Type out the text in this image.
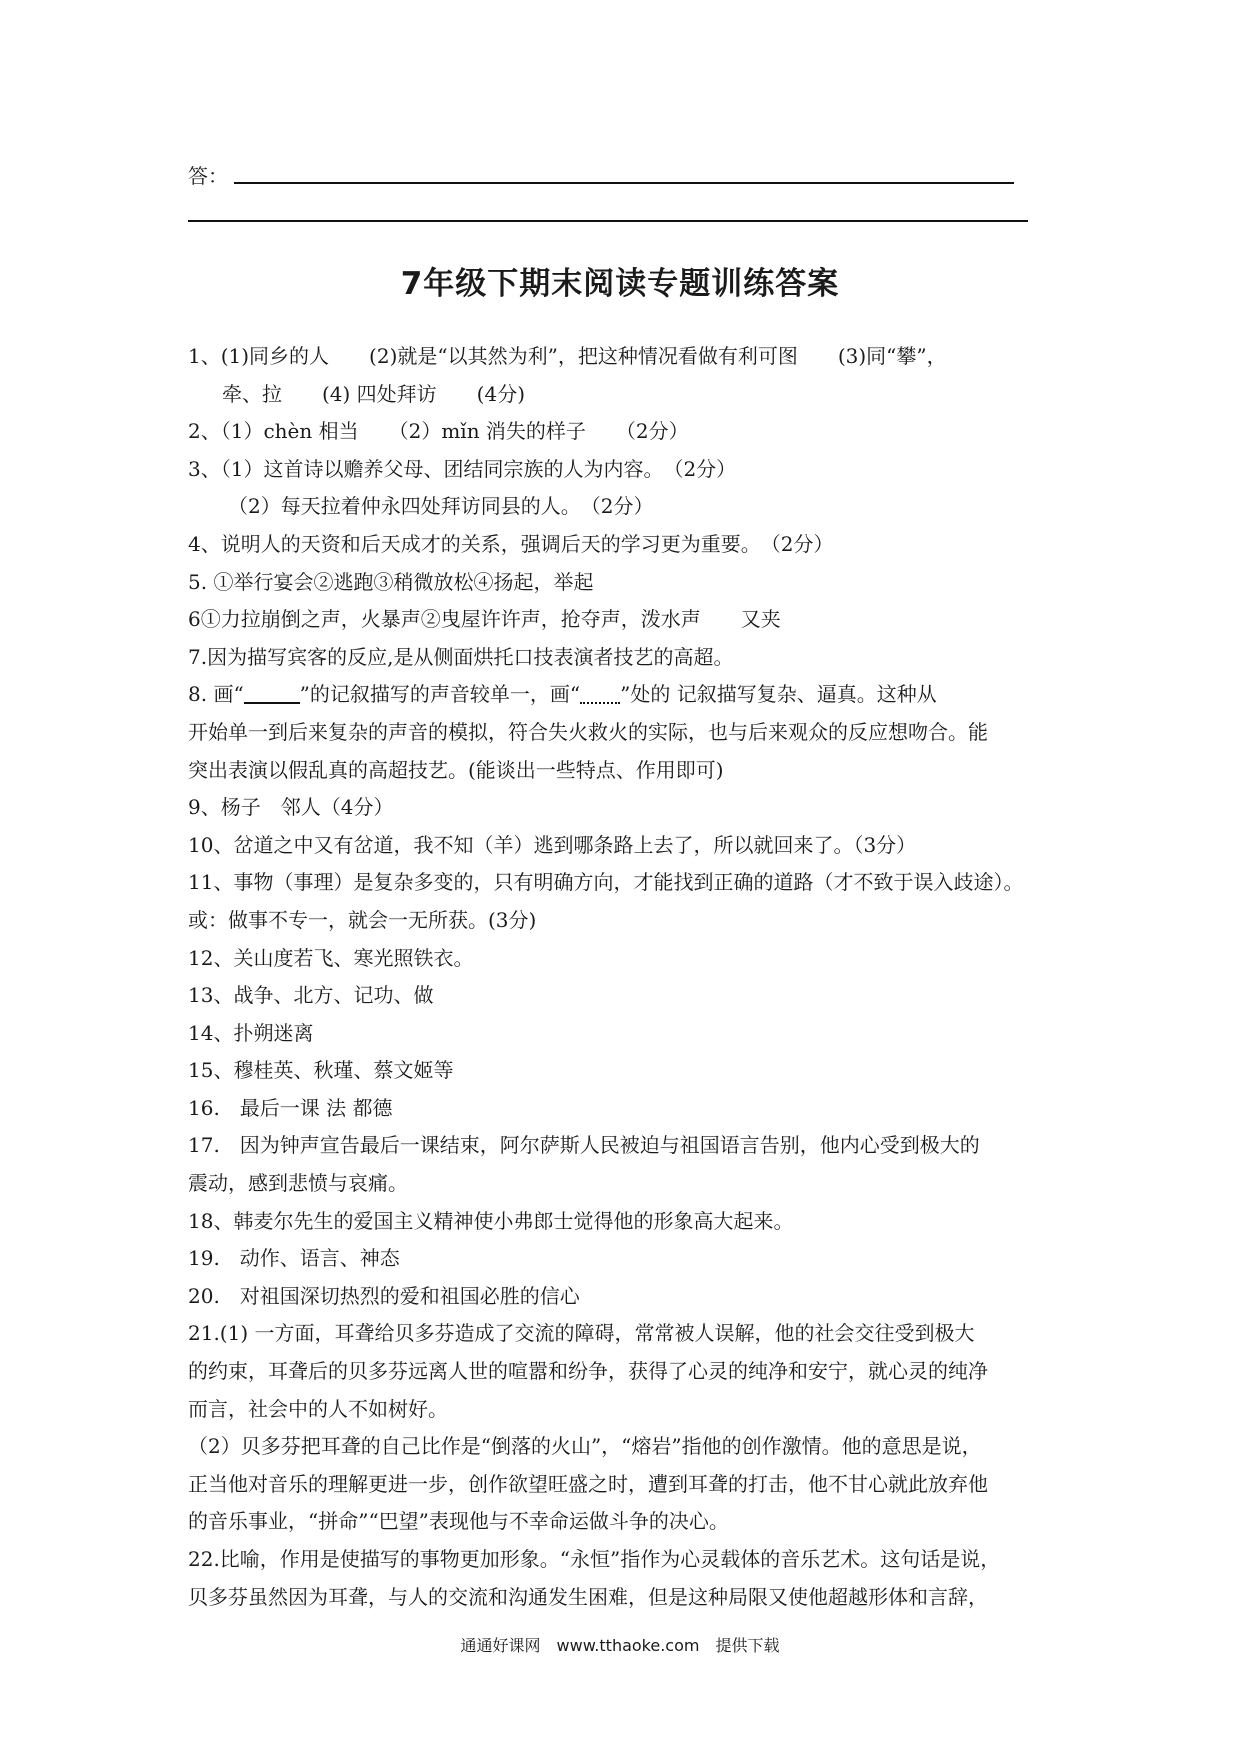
答：
7年级下期末阅读专题训练答案
1、(1)同乡的人　　(2)就是“以其然为利”，把这种情况看做有利可图　　(3)同“攀”，
牵、拉　　(4) 四处拜访　　(4分)
2、（1）chèn 相当　　（2）mǐn 消失的样子　　（2分）
3、（1）这首诗以赡养父母、团结同宗族的人为内容。　（2分）
（2）每天拉着仲永四处拜访同县的人。　（2分）
4、说明人的天资和后天成才的关系，强调后天的学习更为重要。　（2分）
5. ①举行宴会②逃跑③稍微放松④扬起，举起
6①力拉崩倒之声，火暴声②曳屋许许声，抢夺声，泼水声　　又夹
7.因为描写宾客的反应,是从侧面烘托口技表演者技艺的高超。
8. 画“	”的记叙描写的声音较单一，画“ ”处的 记叙描写复杂、逼真。这种从
开始单一到后来复杂的声音的模拟，符合失火救火的实际，也与后来观众的反应想吻合。能
突出表演以假乱真的高超技艺。(能谈出一些特点、作用即可)
9、杨子　邻人（4分）
10、岔道之中又有岔道，我不知（羊）逃到哪条路上去了，所以就回来了。（3分）
11、事物（事理）是复杂多变的，只有明确方向，才能找到正确的道路（才不致于误入歧途）。
或：做事不专一，就会一无所获。(3分)
12、关山度若飞、寒光照铁衣。
13、战争、北方、记功、做
14、扑朔迷离
15、穆桂英、秋瑾、蔡文姬等
16.　最后一课 法 都德
17.　因为钟声宣告最后一课结束，阿尔萨斯人民被迫与祖国语言告别，他内心受到极大的
震动，感到悲愤与哀痛。
18、韩麦尔先生的爱国主义精神使小弗郎士觉得他的形象高大起来。
19.　动作、语言、神态
20.　对祖国深切热烈的爱和祖国必胜的信心
21.(1) 一方面，耳聋给贝多芬造成了交流的障碍，常常被人误解，他的社会交往受到极大
的约束，耳聋后的贝多芬远离人世的喧嚣和纷争，获得了心灵的纯净和安宁，就心灵的纯净
而言，社会中的人不如树好。
（2）贝多芬把耳聋的自己比作是“倒落的火山”，“熔岩”指他的创作激情。他的意思是说，
正当他对音乐的理解更进一步，创作欲望旺盛之时，遭到耳聋的打击，他不甘心就此放弃他
的音乐事业，“拼命”“巴望”表现他与不幸命运做斗争的决心。
22.比喻，作用是使描写的事物更加形象。“永恒”指作为心灵载体的音乐艺术。这句话是说，
贝多芬虽然因为耳聋，与人的交流和沟通发生困难，但是这种局限又使他超越形体和言辞，
通通好课网　www.tthaoke.com　提供下载
